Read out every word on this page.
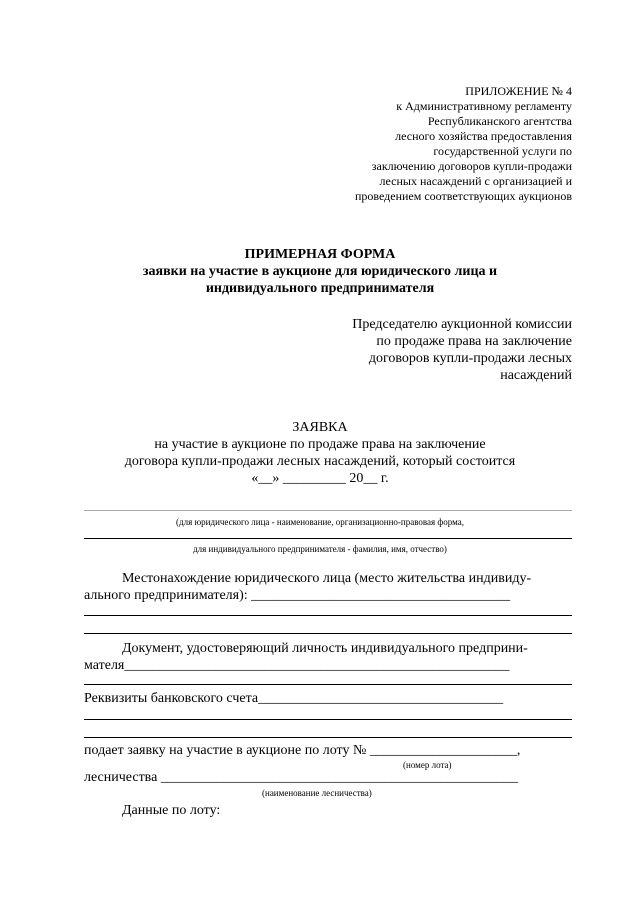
ПРИЛОЖЕНИЕ № 4
к Административному регламенту
Республиканского агентства
лесного хозяйства предоставления
государственной услуги по
заключению договоров купли-продажи
лесных насаждений с организацией и
проведением соответствующих аукционов
ПРИМЕРНАЯ ФОРМА
заявки на участие в аукционе для юридического лица и
индивидуального предпринимателя
Председателю аукционной комиссии
по продаже права на заключение
договоров купли-продажи лесных
насаждений
ЗАЯВКА
на участие в аукционе по продаже права на заключение
договора купли-продажи лесных насаждений, который состоится
«__» _________ 20__ г.
(для юридического лица - наименование, организационно-правовая форма,
для индивидуального предпринимателя - фамилия, имя, отчество)
Местонахождение юридического лица (место жительства индивиду-
ального предпринимателя): _____________________________________
Документ, удостоверяющий личность индивидуального предприни-
мателя_______________________________________________________
Реквизиты банковского счета___________________________________
подает заявку на участие в аукционе по лоту № _____________________,
(номер лота)
лесничества ___________________________________________________
(наименование лесничества)
Данные по лоту:
